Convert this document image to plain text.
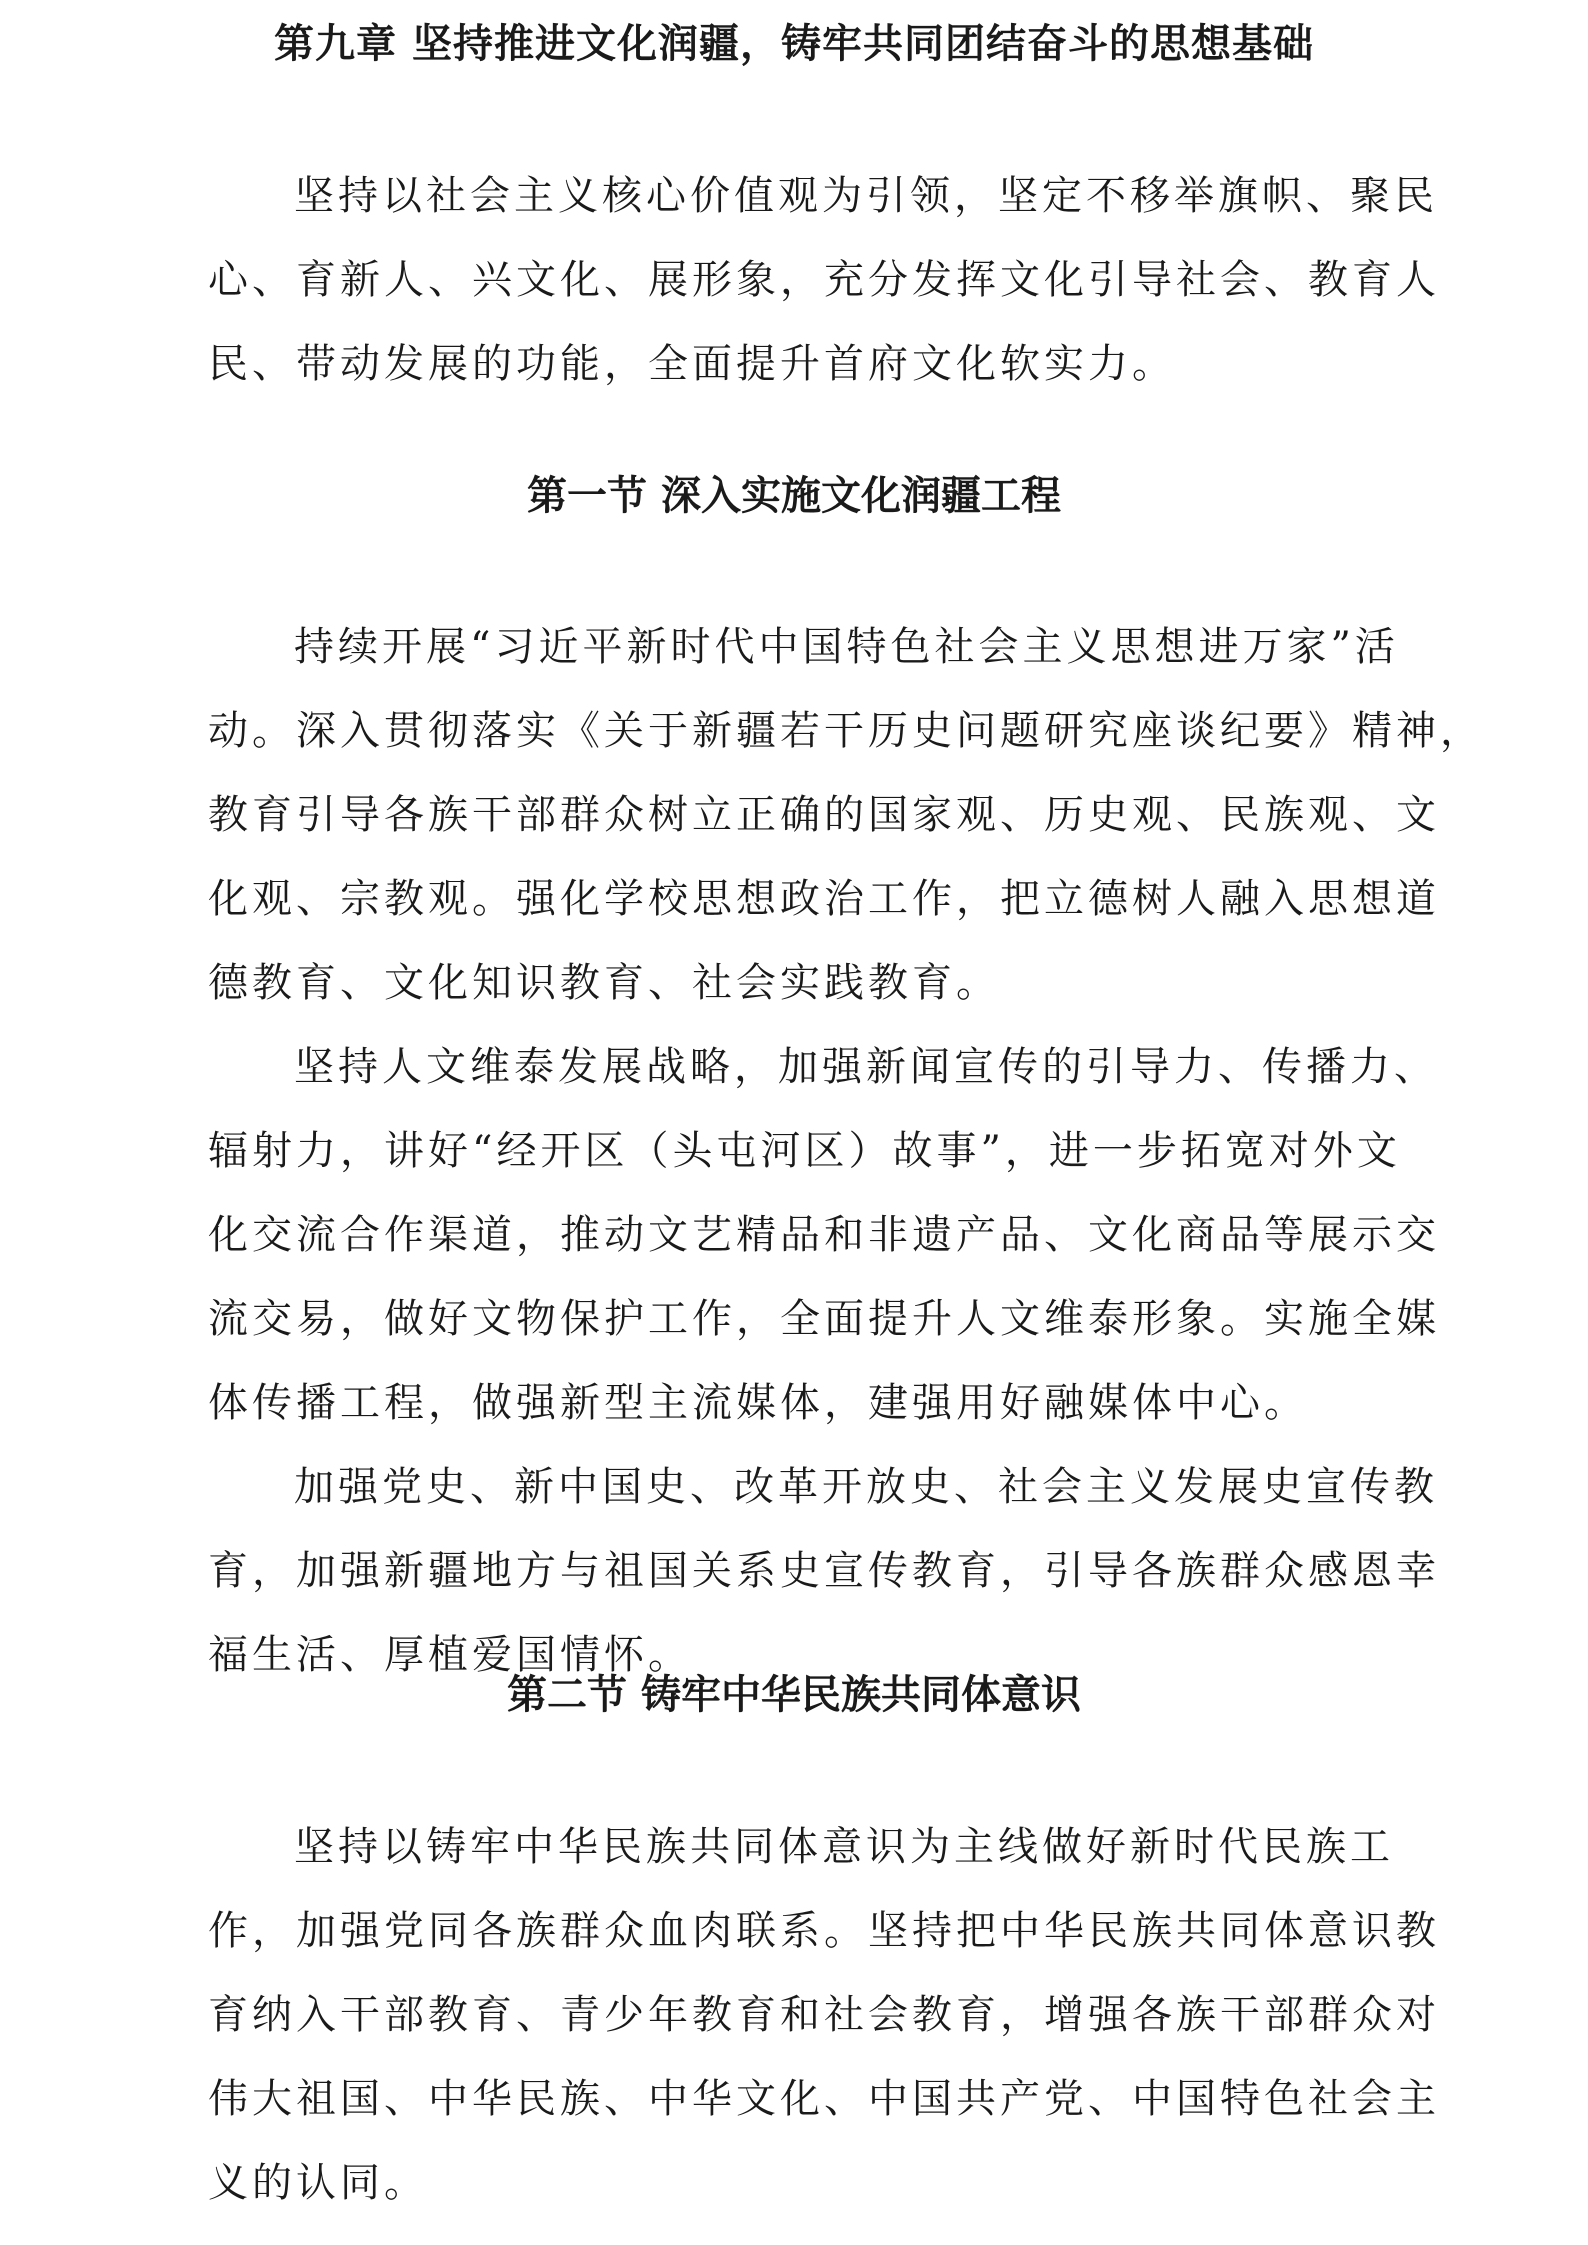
第九章 坚持推进文化润疆，铸牢共同团结奋斗的思想基础
坚持以社会主义核心价值观为引领，坚定不移举旗帜、聚民
心、育新人、兴文化、展形象，充分发挥文化引导社会、教育人
民、带动发展的功能，全面提升首府文化软实力。
第一节 深入实施文化润疆工程
持续开展“习近平新时代中国特色社会主义思想进万家”活
动。深入贯彻落实《关于新疆若干历史问题研究座谈纪要》精神，
教育引导各族干部群众树立正确的国家观、历史观、民族观、文
化观、宗教观。强化学校思想政治工作，把立德树人融入思想道
德教育、文化知识教育、社会实践教育。
坚持人文维泰发展战略，加强新闻宣传的引导力、传播力、
辐射力，讲好“经开区（头屯河区）故事”，进一步拓宽对外文
化交流合作渠道，推动文艺精品和非遗产品、文化商品等展示交
流交易，做好文物保护工作，全面提升人文维泰形象。实施全媒
体传播工程，做强新型主流媒体，建强用好融媒体中心。
加强党史、新中国史、改革开放史、社会主义发展史宣传教
育，加强新疆地方与祖国关系史宣传教育，引导各族群众感恩幸
福生活、厚植爱国情怀。
第二节 铸牢中华民族共同体意识
坚持以铸牢中华民族共同体意识为主线做好新时代民族工
作，加强党同各族群众血肉联系。坚持把中华民族共同体意识教
育纳入干部教育、青少年教育和社会教育，增强各族干部群众对
伟大祖国、中华民族、中华文化、中国共产党、中国特色社会主
义的认同。
